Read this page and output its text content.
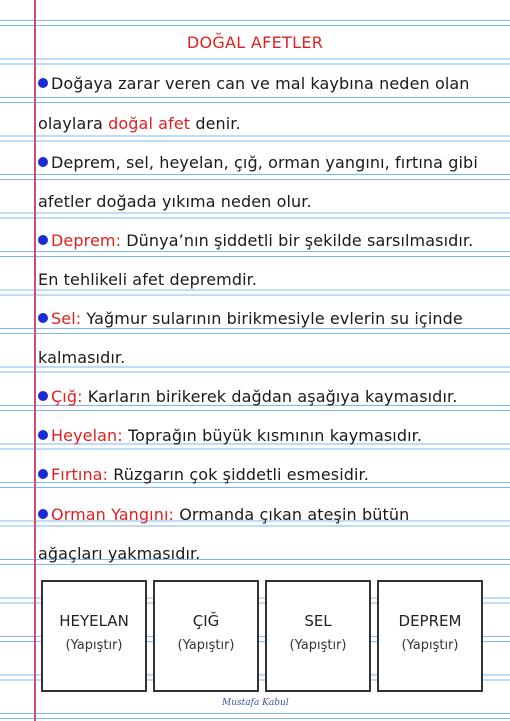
DOĞAL AFETLER
Doğaya zarar veren can ve mal kaybına neden olan
olaylara doğal afet denir.
Deprem, sel, heyelan, çığ, orman yangını, fırtına gibi
afetler doğada yıkıma neden olur.
Deprem: Dünya’nın şiddetli bir şekilde sarsılmasıdır.
En tehlikeli afet depremdir.
Sel: Yağmur sularının birikmesiyle evlerin su içinde
kalmasıdır.
Çığ: Karların birikerek dağdan aşağıya kaymasıdır.
Heyelan: Toprağın büyük kısmının kaymasıdır.
Fırtına: Rüzgarın çok şiddetli esmesidir.
Orman Yangını: Ormanda çıkan ateşin bütün
ağaçları yakmasıdır.
HEYELAN
(Yapıştır)
ÇIĞ
(Yapıştır)
SEL
(Yapıştır)
DEPREM
(Yapıştır)
Mustafa Kabul
